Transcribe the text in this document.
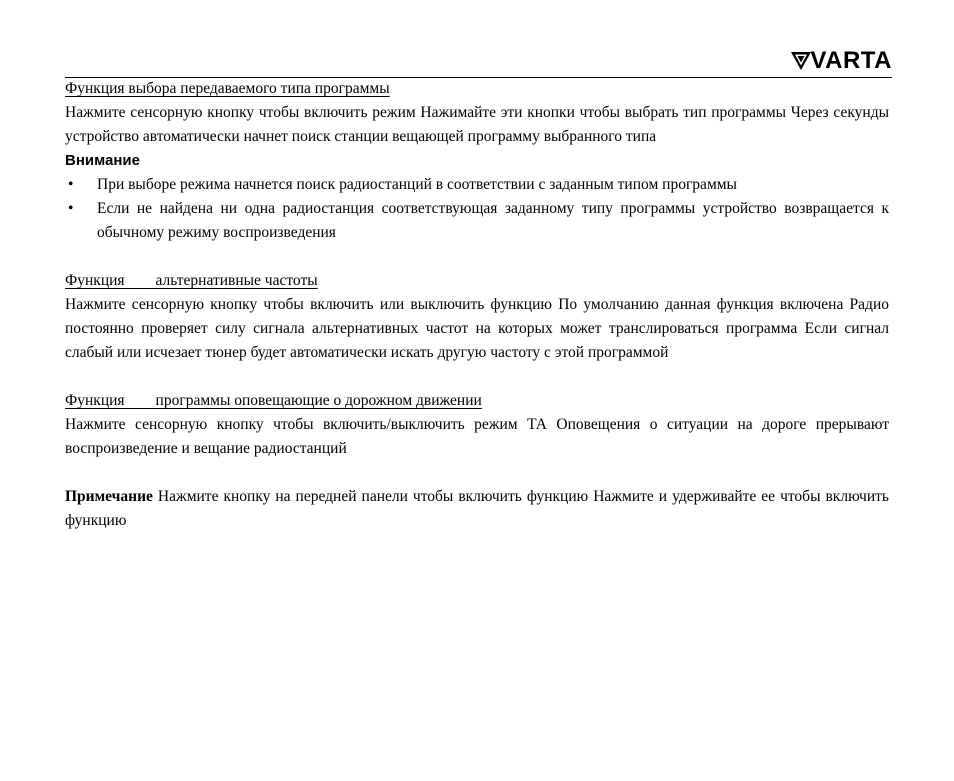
VARTA
Функция выбора передаваемого типа программы

Нажмите сенсорную кнопку чтобы включить режим Нажимайте эти кнопки чтобы выбрать тип программы Через секунды устройство автоматически начнет поиск станции вещающей программу выбранного типа

Внимание
• При выборе режима начнется поиск радиостанций в соответствии с заданным типом программы
• Если не найдена ни одна радиостанция соответствующая заданному типу программы устройство возвращается к обычному режиму воспроизведения
Функция        альтернативные частоты

Нажмите сенсорную кнопку чтобы включить или выключить функцию По умолчанию данная функция включена Радио постоянно проверяет силу сигнала альтернативных частот на которых может транслироваться программа Если сигнал слабый или исчезает тюнер будет автоматически искать другую частоту с этой программой

Функция        программы оповещающие о дорожном движении

Нажмите сенсорную кнопку чтобы включить/выключить режим ТА Оповещения о ситуации на дороге прерывают воспроизведение и вещание радиостанций

Примечание Нажмите кнопку на передней панели чтобы включить функцию Нажмите и удерживайте ее чтобы включить функцию
